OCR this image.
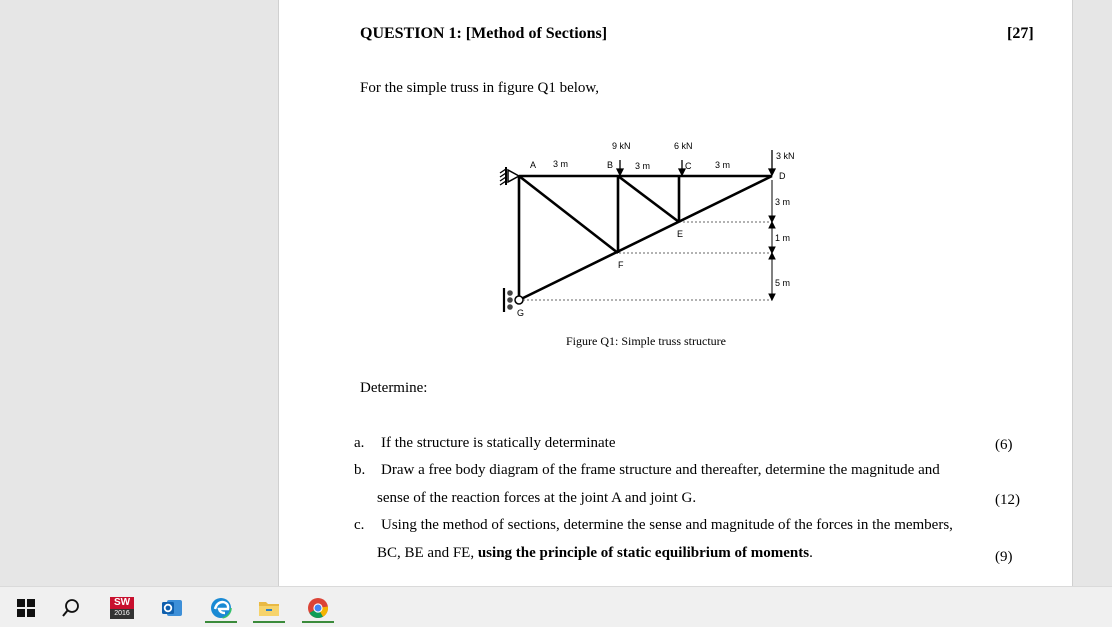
QUESTION 1: [Method of Sections]	[27]
For the simple truss in figure Q1 below,
A	B	C
D
E
F
G
9 kN	6 kN
3 kN
3 m	3 m	3 m
3 m
1 m
5 m
Figure Q1: Simple truss structure
Determine:
a. If the structure is statically determinate	(6)
b. Draw a free body diagram of the frame structure and thereafter, determine the magnitude and
sense of the reaction forces at the joint A and joint G.	(12)
c. Using the method of sections, determine the sense and magnitude of the forces in the members,
BC, BE and FE, using the principle of static equilibrium of moments.	(9)
SW
2016
